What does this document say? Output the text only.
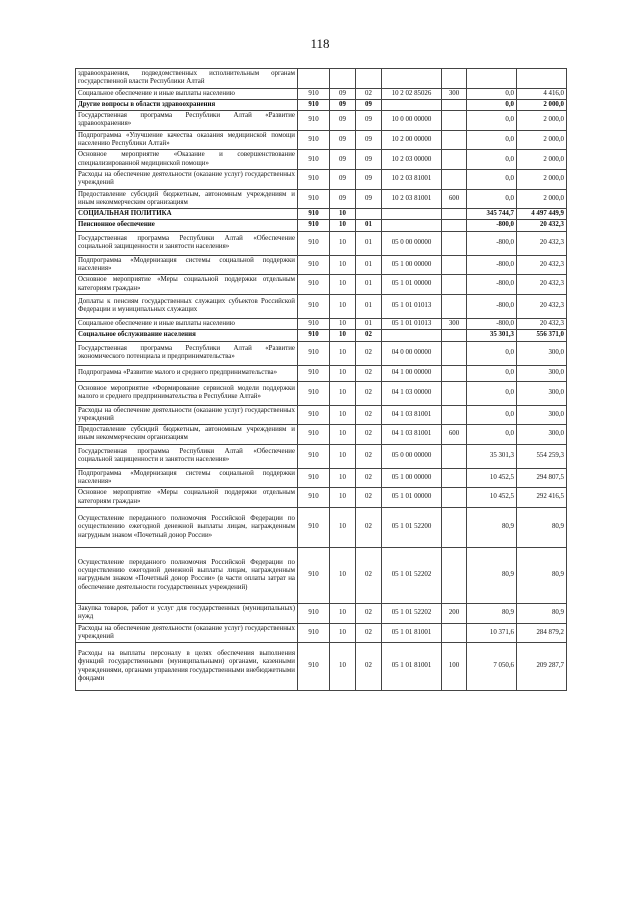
118
здравоохранения, подведомственных исполнительным органам государственной власти Республики Алтай							
Социальное обеспечение и иные выплаты населению	910	09	02	10 2 02 85026	300	0,0	4 416,0
Другие вопросы в области здравоохранения	910	09	09			0,0	2 000,0
Государственная программа Республики Алтай «Развитие здравоохранения»	910	09	09	10 0 00 00000		0,0	2 000,0
Подпрограмма «Улучшение качества оказания медицинской помощи населению Республики Алтай»	910	09	09	10 2 00 00000		0,0	2 000,0
Основное мероприятие «Оказание и совершенствование специализированной медицинской помощи»	910	09	09	10 2 03 00000		0,0	2 000,0
Расходы на обеспечение деятельности (оказание услуг) государственных учреждений	910	09	09	10 2 03 81001		0,0	2 000,0
Предоставление субсидий бюджетным, автономным учреждениям и иным некоммерческим организациям	910	09	09	10 2 03 81001	600	0,0	2 000,0
СОЦИАЛЬНАЯ ПОЛИТИКА	910	10				345 744,7	4 497 449,9
Пенсионное обеспечение	910	10	01			-800,0	20 432,3
Государственная программа Республики Алтай «Обеспечение социальной защищенности и занятости населения»	910	10	01	05 0 00 00000		-800,0	20 432,3
Подпрограмма «Модернизация системы социальной поддержки населения»	910	10	01	05 1 00 00000		-800,0	20 432,3
Основное мероприятие «Меры социальной поддержки отдельным категориям граждан»	910	10	01	05 1 01 00000		-800,0	20 432,3
Доплаты к пенсиям государственных служащих субъектов Российской Федерации и муниципальных служащих	910	10	01	05 1 01 01013		-800,0	20 432,3
Социальное обеспечение и иные выплаты населению	910	10	01	05 1 01 01013	300	-800,0	20 432,3
Социальное обслуживание населения	910	10	02			35 301,3	556 371,0
Государственная программа Республики Алтай «Развитие экономического потенциала и предпринимательства»	910	10	02	04 0 00 00000		0,0	300,0
Подпрограмма «Развитие малого и среднего предпринимательства»	910	10	02	04 1 00 00000		0,0	300,0
Основное мероприятие «Формирование сервисной модели поддержки малого и среднего предпринимательства в Республике Алтай»	910	10	02	04 1 03 00000		0,0	300,0
Расходы на обеспечение деятельности (оказание услуг) государственных учреждений	910	10	02	04 1 03 81001		0,0	300,0
Предоставление субсидий бюджетным, автономным учреждениям и иным некоммерческим организациям	910	10	02	04 1 03 81001	600	0,0	300,0
Государственная программа Республики Алтай «Обеспечение социальной защищенности и занятости населения»	910	10	02	05 0 00 00000		35 301,3	554 259,3
Подпрограмма «Модернизация системы социальной поддержки населения»	910	10	02	05 1 00 00000		10 452,5	294 807,5
Основное мероприятие «Меры социальной поддержки отдельным категориям граждан»	910	10	02	05 1 01 00000		10 452,5	292 416,5
Осуществление переданного полномочия Российской Федерации по осуществлению ежегодной денежной выплаты лицам, награжденным нагрудным знаком «Почетный донор России»	910	10	02	05 1 01 52200		80,9	80,9
Осуществление переданного полномочия Российской Федерации по осуществлению ежегодной денежной выплаты лицам, награжденным нагрудным знаком «Почетный донор России» (в части оплаты затрат на обеспечение деятельности государственных учреждений)	910	10	02	05 1 01 52202		80,9	80,9
Закупка товаров, работ и услуг для государственных (муниципальных) нужд	910	10	02	05 1 01 52202	200	80,9	80,9
Расходы на обеспечение деятельности (оказание услуг) государственных учреждений	910	10	02	05 1 01 81001		10 371,6	284 879,2
Расходы на выплаты персоналу в целях обеспечения выполнения функций государственными (муниципальными) органами, казенными учреждениями, органами управления государственными внебюджетными фондами	910	10	02	05 1 01 81001	100	7 050,6	209 287,7
